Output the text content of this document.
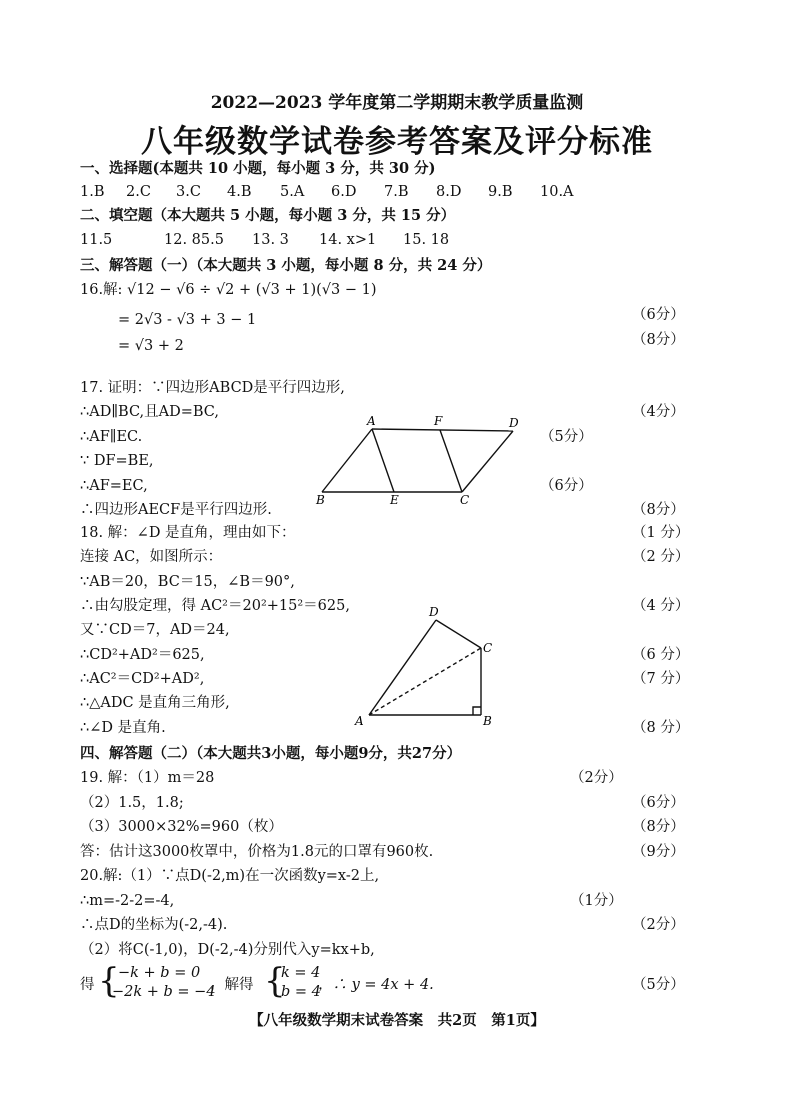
2022—2023 学年度第二学期期末教学质量监测
八年级数学试卷参考答案及评分标准
一、选择题(本题共 10 小题，每小题 3 分，共 30 分)
1.B 2.C 3.C 4.B 5.A 6.D 7.B 8.D 9.B 10.A
二、填空题（本大题共 5 小题，每小题 3 分，共 15 分）
11.5	12. 85.5 13. 3 14. x>1 15. 18
三、解答题（一）（本大题共 3 小题，每小题 8 分，共 24 分）
16.解: √12 − √6 ÷ √2 + (√3 + 1)(√3 − 1)
= 2√3 - √3 + 3 − 1	（6分）
= √3 + 2	（8分）
17. 证明：∵四边形ABCD是平行四边形,
∴AD∥BC,且AD=BC,	（4分）
∴AF∥EC.	（5分）
∵ DF=BE,
∴AF=EC,	（6分）
∴四边形AECF是平行四边形.	（8分）
A	F	D
B	E	C
18. 解：∠D 是直角，理由如下：	（1 分）
连接 AC，如图所示：	（2 分）
∵AB＝20，BC＝15，∠B＝90°,
∴由勾股定理，得 AC²＝20²+15²＝625,	（4 分）
又∵CD＝7，AD＝24,
∴CD²+AD²＝625,	（6 分）
∴AC²＝CD²+AD²,	（7 分）
∴△ADC 是直角三角形,
∴∠D 是直角.	（8 分）
D
C
A	B
四、解答题（二）（本大题共3小题，每小题9分，共27分）
19. 解：（1）m＝28	（2分）
（2）1.5，1.8;	（6分）
（3）3000×32%=960（枚）	（8分）
答：估计这3000枚罩中，价格为1.8元的口罩有960枚.	（9分）
20.解:（1）∵点D(-2,m)在一次函数y=x-2上,
∴m=-2-2=-4,	（1分）
∴点D的坐标为(-2,-4).	（2分）
（2）将C(-1,0)，D(-2,-4)分别代入y=kx+b,
得 {
−k + b = 0
−2k + b = −4
，解得 {
k = 4
b = 4
，∴ y = 4x + 4.	（5分）
【八年级数学期末试卷答案　共2页　第1页】
